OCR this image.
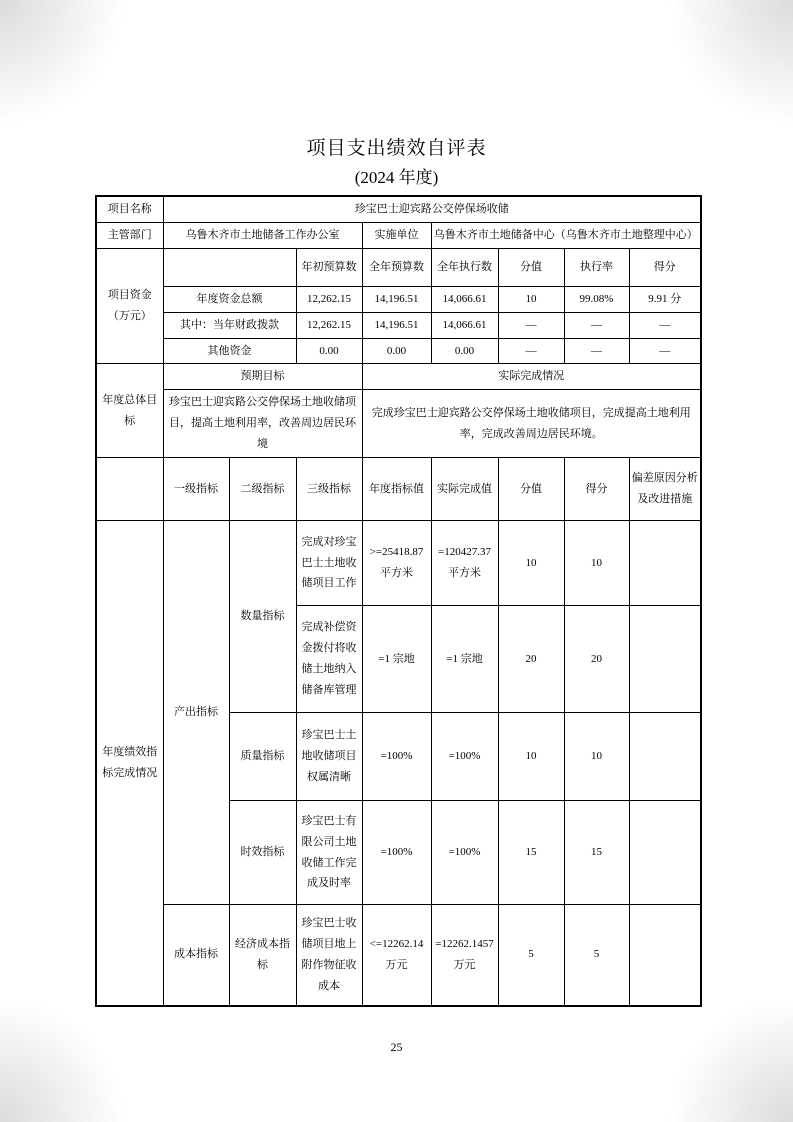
项目支出绩效自评表
(2024 年度)
项目名称	珍宝巴士迎宾路公交停保场收储							
主管部门	乌鲁木齐市土地储备工作办公室			实施单位	乌鲁木齐市土地储备中心（乌鲁木齐市土地整理中心）			
项目资金（万元）			年初预算数	全年预算数	全年执行数	分值	执行率	得分
	年度资金总额		12,262.15	14,196.51	14,066.61	10	99.08%	9.91 分
	其中：当年财政拨款		12,262.15	14,196.51	14,066.61	—	—	—
	其他资金		0.00	0.00	0.00	—	—	—
年度总体目标	预期目标			实际完成情况				
	珍宝巴士迎宾路公交停保场土地收储项目，提高土地利用率，改善周边居民环境			完成珍宝巴士迎宾路公交停保场土地收储项目，完成提高土地利用率，完成改善周边居民环境。				
	一级指标	二级指标	三级指标	年度指标值	实际完成值	分值	得分	偏差原因分析及改进措施
年度绩效指标完成情况	产出指标	数量指标	完成对珍宝巴士土地收储项目工作	>=25418.87 平方米	=120427.37 平方米	10	10	
			完成补偿资金拨付将收储土地纳入储备库管理	=1 宗地	=1 宗地	20	20	
		质量指标	珍宝巴士土地收储项目权属清晰	=100%	=100%	10	10	
		时效指标	珍宝巴士有限公司土地收储工作完成及时率	=100%	=100%	15	15	
	成本指标	经济成本指标	珍宝巴士收储项目地上附作物征收成本	<=12262.14 万元	=12262.1457 万元	5	5	
25
